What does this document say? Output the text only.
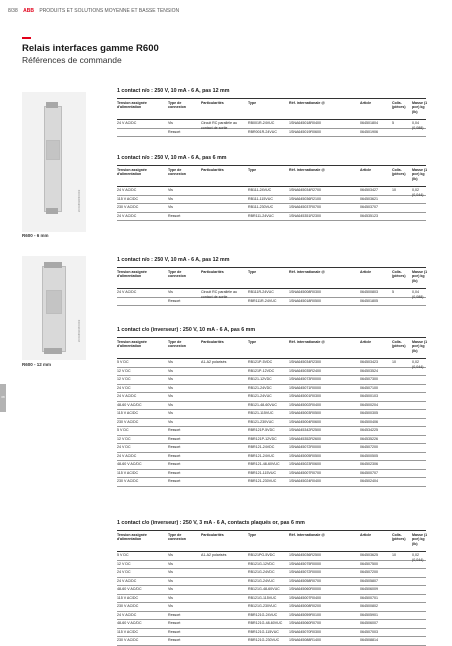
8/38 ABB PRODUITS ET SOLUTIONS MOYENNE ET BASSE TENSION
Relais interfaces gamme R600
Références de commande
2CDC891009F0002
R600 - 6 mm
2CDC891015F0002
R600 - 12 mm
08
1 contact n/o : 250 V, 10 mA - 6 A, pas 12 mm
Tension assignée d'alimentation
Type de connexion
Particularités	Type	Réf. internationale @	Article	Colis. (pièces)
Masse (1 pce) kg (lb)
24 V AC/DC	Vis	Circuit RC parallèle au contact de sortie
RB001R-24VUC	1SNA645018R0400	064501804	5	0,04 (0,088)
Ressort	RBR001R-24VUC	1SNA645019R0600	064501906
1 contact n/o : 250 V, 10 mA - 6 A, pas 6 mm
Tension assignée d'alimentation
Type de connexion
Particularités	Type	Réf. internationale @	Article	Colis. (pièces)
Masse (1 pce) kg (lb)
24 V AC/DC	Vis	RB111-24VUC	1SNA645034R2700	064503427	10	0,02 (0,044)
115 V AC/DC	Vis	RB111-115VUC	1SNA645036R2100	064503621
230 V AC/DC	Vis	RB111-230VUC	1SNA645037R0700	064503707
24 V AC/DC	Ressort	RBR111-24VUC	1SNA645351R2300	064535123
1 contact n/o : 250 V, 10 mA - 6 A, pas 12 mm
Tension assignée d'alimentation
Type de connexion
Particularités	Type	Réf. internationale @	Article	Colis. (pièces)
Masse (1 pce) kg (lb)
24 V AC/DC	Vis	Circuit RC parallèle au contact de sortie
RB111R-24VUC	1SNA645008R0300	064500803	5	0,04 (0,088)
Ressort	RBR111R-24VUC	1SNA645018R0500	064501805
1 contact c/o (inverseur) : 250 V, 10 mA - 6 A, pas 6 mm
Tension assignée d'alimentation
Type de connexion
Particularités	Type	Réf. internationale @	Article	Colis. (pièces)
Masse (1 pce) kg (lb)
5 V DC	Vis	A1-A2 polarisés	RB121P-5VDC	1SNA645034R2300	064503423	10	0,02 (0,044)
12 V DC	Vis	RB121P-12VDC	1SNA645035R2400	064503524
12 V DC	Vis	RB121-12VDC	1SNA645073R0000	064507300
24 V DC	Vis	RB121-24VDC	1SNA645071R0000	064507100
24 V AC/DC	Vis	RB121-24VUC	1SNA645001R0300	064500103
48-60 V AC/DC	Vis	RB121-48-60VUC	1SNA645002R0400	064500204
115 V AC/DC	Vis	RB121-115VUC	1SNA645003R0500	064500305
230 V AC/DC	Vis	RB121-230VUC	1SNA645004R0600	064500406
5 V DC	Ressort	RBR121P-5VDC	1SNA645342R2500	064534225
12 V DC	Ressort	RBR121P-12VDC	1SNA645352R2600	064535226
24 V DC	Ressort	RBR121-24VDC	1SNA645072R0000	064507200
24 V AC/DC	Ressort	RBR121-24VUC	1SNA645005R0500	064500505
48-60 V AC/DC	Ressort	RBR121-48-60VUC	1SNA645023R0600	064502306
115 V AC/DC	Ressort	RBR121-115VUC	1SNA645007R0700	064500707
230 V AC/DC	Ressort	RBR121-230VUC	1SNA645024R0400	064502404
1 contact c/o (inverseur) : 250 V, 3 mA - 6 A, contacts plaqués or, pas 6 mm
Tension assignée d'alimentation
Type de connexion
Particularités	Type	Réf. internationale @	Article	Colis. (pièces)
Masse (1 pce) kg (lb)
5 V DC	Vis	A1-A2 polarisés	RB121PG-5VDC	1SNA645036R2500	064503625	10	0,02 (0,044)
12 V DC	Vis	RB121G-12VDC	1SNA645075R0000	064507500
24 V DC	Vis	RB121G-24VDC	1SNA645072R0000	064507200
24 V AC/DC	Vis	RB121G-24VUC	1SNA645058R0700	064505807
48-60 V AC/DC	Vis	RB121G-48-60VUC	1SNA645060R0000	064506009
115 V AC/DC	Vis	RB121G-115VUC	1SNA645007R0400	064500701
230 V AC/DC	Vis	RB121G-230VUC	1SNA645008R0200	064500802
24 V AC/DC	Ressort	RBR121G-24VUC	1SNA645059R0100	064505901
48-60 V AC/DC	Ressort	RBR121G-48-60VUC 1SNA645060R0700	064506007
115 V AC/DC	Ressort	RBR121G-115VUC	1SNA645070R0300	064507003
230 V AC/DC	Ressort	RBR121G-230VUC	1SNA645088R1400	064508814
